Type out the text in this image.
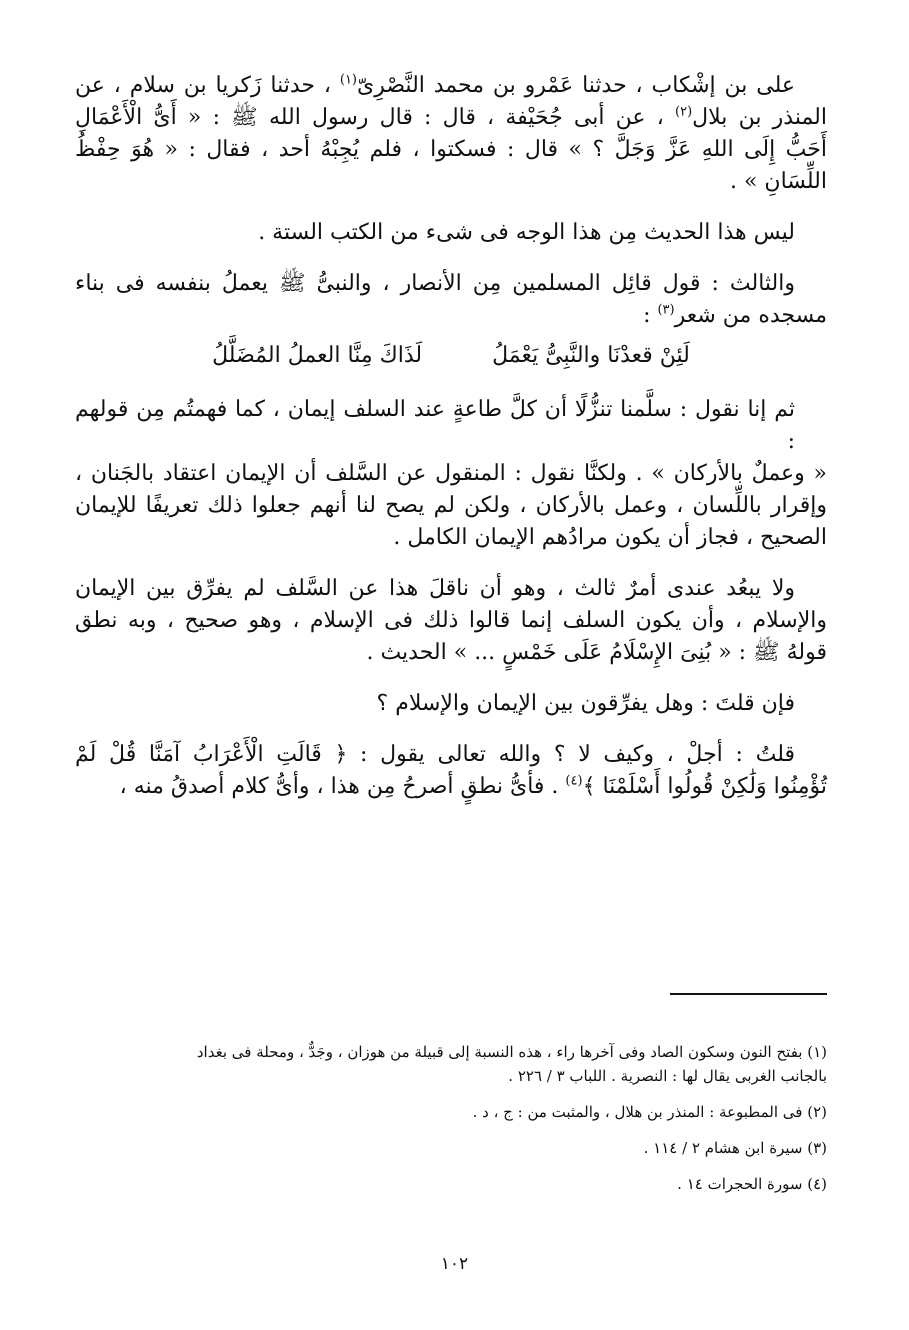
على بن إشْكاب ، حدثنا عَمْرو بن محمد النَّصْرِىّ$^{(١)}$ ، حدثنا زَكريا بن سلام ، عن
المنذر بن بلال$^{(٢)}$ ، عن أبى جُحَيْفة ، قال : قال رسول الله ﷺ : « أَىُّ الْأَعْمَالِ
أَحَبُّ إِلَى اللهِ عَزَّ وَجَلَّ ؟ » قال : فسكتوا ، فلم يُجِبْهُ أحد ، فقال : « هُوَ حِفْظُ
اللِّسَانِ » .
ليس هذا الحديث مِن هذا الوجه فى شىء من الكتب الستة .
والثالث : قول قائِل المسلمين مِن الأنصار ، والنبىُّ ﷺ يعملُ بنفسه فى بناء
مسجده من شعر$^{(٣)}$ :
لَئِنْ قعدْنَا والنَّبِىُّ يَعْمَلُ
لَذَاكَ مِنَّا العملُ المُضَلَّلُ
ثم إنا نقول : سلَّمنا تنزُّلًا أن كلَّ طاعةٍ عند السلف إيمان ، كما فهمتُم مِن قولهم :
« وعملٌ بالأركان » . ولكنَّا نقول : المنقول عن السَّلف أن الإيمان اعتقاد بالجَنان ،
وإقرار باللِّسان ، وعمل بالأركان ، ولكن لم يصح لنا أنهم جعلوا ذلك تعريفًا للإيمان
الصحيح ، فجاز أن يكون مرادُهم الإيمان الكامل .
ولا يبعُد عندى أمرٌ ثالث ، وهو أن ناقلَ هذا عن السَّلف لم يفرِّق بين الإيمان
والإسلام ، وأن يكون السلف إنما قالوا ذلك فى الإسلام ، وهو صحيح ، وبه نطق
قولهُ ﷺ : « بُنِىَ الإِسْلَامُ عَلَى خَمْسٍ ... » الحديث .
فإن قلتَ : وهل يفرِّقون بين الإيمان والإسلام ؟
قلتُ : أجلْ ، وكيف لا ؟ والله تعالى يقول : ﴿ قَالَتِ الْأَعْرَابُ آمَنَّا قُلْ لَمْ
تُؤْمِنُوا وَلَٰكِنْ قُولُوا أَسْلَمْنَا ﴾$^{(٤)}$ . فأىُّ نطقٍ أصرحُ مِن هذا ، وأىُّ كلام أصدقُ منه ،
(١) بفتح النون وسكون الصاد وفى آخرها راء ، هذه النسبة إلى قبيلة من هوزان ، وجَدٌّ ، ومحلة فى بغداد
بالجانب الغربى يقال لها : النصرية . اللباب ٣ / ٢٢٦ .
(٢) فى المطبوعة : المنذر بن هلال ، والمثبت من : ج ، د .
(٣) سيرة ابن هشام ٢ / ١١٤ .
(٤) سورة الحجرات ١٤ .
١٠٢
